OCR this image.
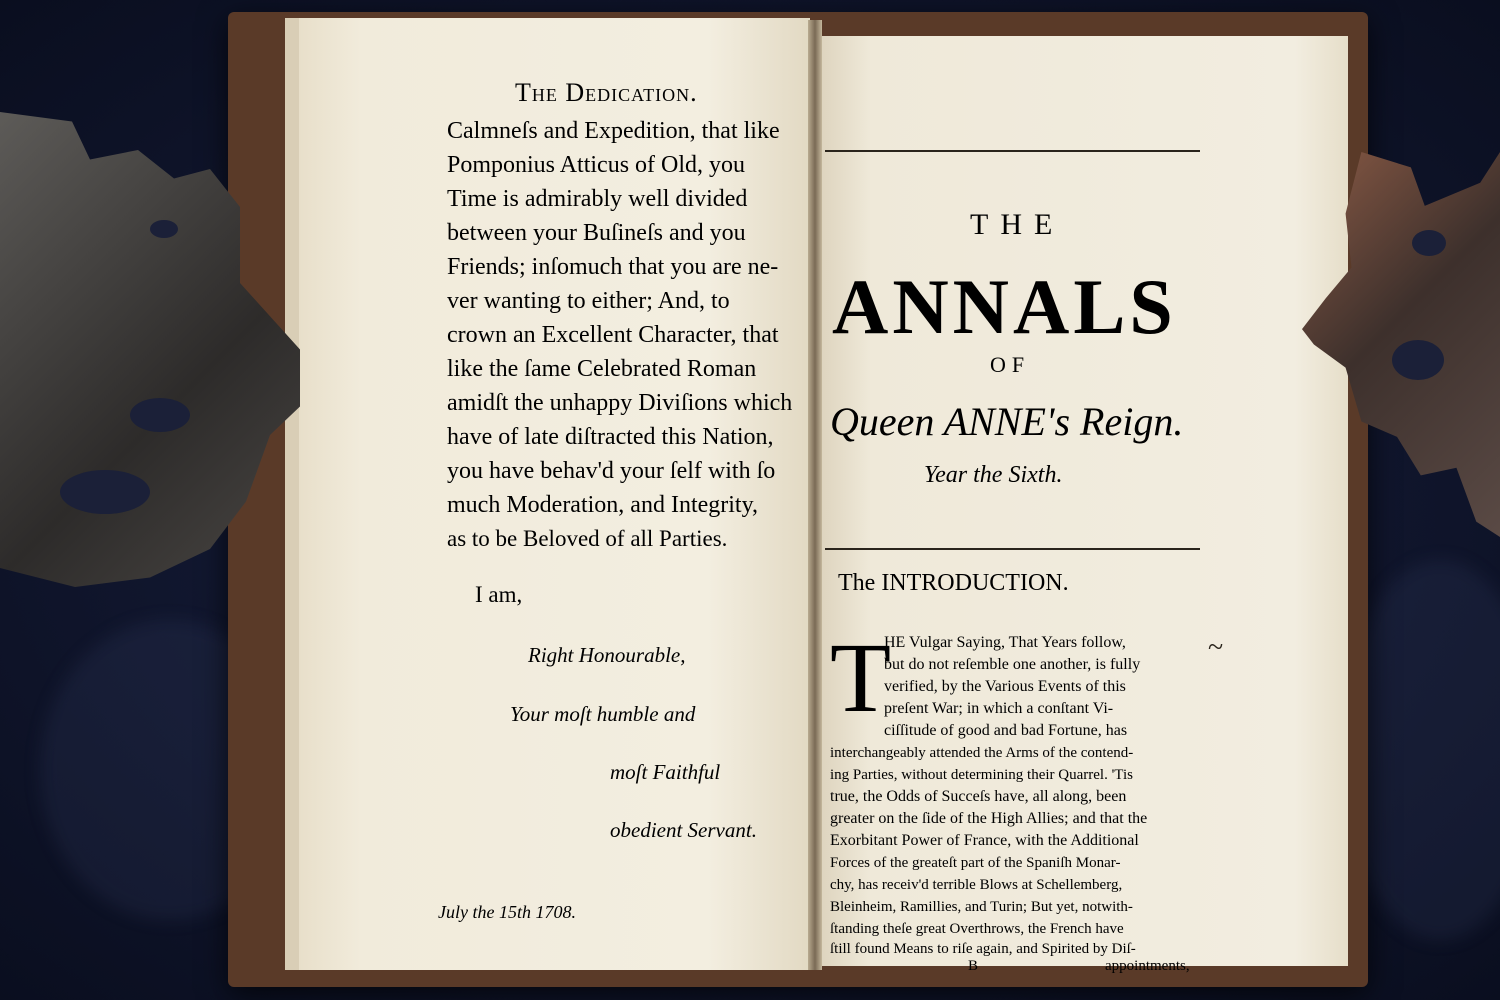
The Dedication.
Calmneſs and Expedition, that like
Pomponius Atticus of Old, you
Time is admirably well divided
between your Buſineſs and you
Friends; inſomuch that you are ne-
ver wanting to either; And, to
crown an Excellent Character, that
like the ſame Celebrated Roman
amidſt the unhappy Diviſions which
have of late diſtracted this Nation,
you have behav'd your ſelf with ſo
much Moderation, and Integrity,
as to be Beloved of all Parties.
I am,
Right Honourable,
Your moſt humble and
moſt Faithful
obedient Servant.
July the 15th 1708.
THE
ANNALS
OF
Queen ANNE's Reign.
Year the Sixth.
The INTRODUCTION.
T
HE Vulgar Saying, That Years follow,
but do not reſemble one another, is fully
verified, by the Various Events of this
preſent War; in which a conſtant Vi-
ciſſitude of good and bad Fortune, has
interchangeably attended the Arms of the contend-
ing Parties, without determining their Quarrel. 'Tis
true, the Odds of Succeſs have, all along, been
greater on the ſide of the High Allies; and that the
Exorbitant Power of France, with the Additional
Forces of the greateſt part of the Spaniſh Monar-
chy, has receiv'd terrible Blows at Schellemberg,
Bleinheim, Ramillies, and Turin; But yet, notwith-
ſtanding theſe great Overthrows, the French have
ſtill found Means to riſe again, and Spirited by Diſ-
B	appointments,
~
